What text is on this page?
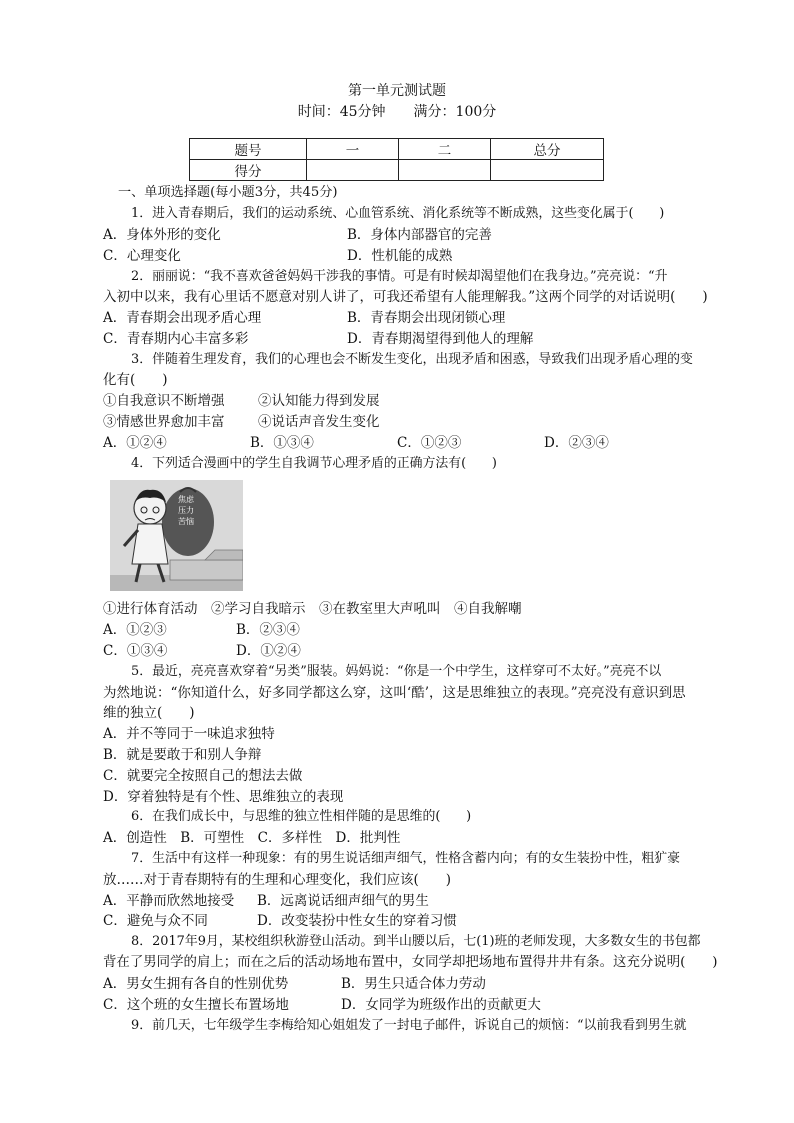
第一单元测试题
时间：45分钟　　满分：100分
题号	一	二	总分
得分			
一、单项选择题(每小题3分，共45分)
1．进入青春期后，我们的运动系统、心血管系统、消化系统等不断成熟，这些变化属于(　　)
A．身体外形的变化	B．身体内部器官的完善
C．心理变化	D．性机能的成熟
2．丽丽说：“我不喜欢爸爸妈妈干涉我的事情。可是有时候却渴望他们在我身边。”亮亮说：“升
入初中以来，我有心里话不愿意对别人讲了，可我还希望有人能理解我。”这两个同学的对话说明(　　)
A．青春期会出现矛盾心理	B．青春期会出现闭锁心理
C．青春期内心丰富多彩	D．青春期渴望得到他人的理解
3．伴随着生理发育，我们的心理也会不断发生变化，出现矛盾和困惑，导致我们出现矛盾心理的变
化有(　　)
①自我意识不断增强 ②认知能力得到发展
③情感世界愈加丰富 ④说话声音发生变化
A．①②④	B．①③④	C．①②③	D．②③④
4．下列适合漫画中的学生自我调节心理矛盾的正确方法有(　　)
焦虑
压力
苦恼
①进行体育活动　②学习自我暗示　③在教室里大声吼叫　④自我解嘲
A．①②③	B．②③④
C．①③④	D．①②④
5．最近，亮亮喜欢穿着“另类”服装。妈妈说：“你是一个中学生，这样穿可不太好。”亮亮不以
为然地说：“你知道什么，好多同学都这么穿，这叫‘酷’，这是思维独立的表现。”亮亮没有意识到思
维的独立(　　)
A．并不等同于一味追求独特
B．就是要敢于和别人争辩
C．就要完全按照自己的想法去做
D．穿着独特是有个性、思维独立的表现
6．在我们成长中，与思维的独立性相伴随的是思维的(　　)
A．创造性　B．可塑性　C．多样性　D．批判性
7．生活中有这样一种现象：有的男生说话细声细气，性格含蓄内向；有的女生装扮中性，粗犷豪
放……对于青春期特有的生理和心理变化，我们应该(　　)
A．平静而欣然地接受 B．远离说话细声细气的男生
C．避免与众不同	D．改变装扮中性女生的穿着习惯
8．2017年9月，某校组织秋游登山活动。到半山腰以后，七(1)班的老师发现，大多数女生的书包都
背在了男同学的肩上；而在之后的活动场地布置中，女同学却把场地布置得井井有条。这充分说明(　　)
A．男女生拥有各自的性别优势	B．男生只适合体力劳动
C．这个班的女生擅长布置场地	D．女同学为班级作出的贡献更大
9．前几天，七年级学生李梅给知心姐姐发了一封电子邮件，诉说自己的烦恼：“以前我看到男生就
